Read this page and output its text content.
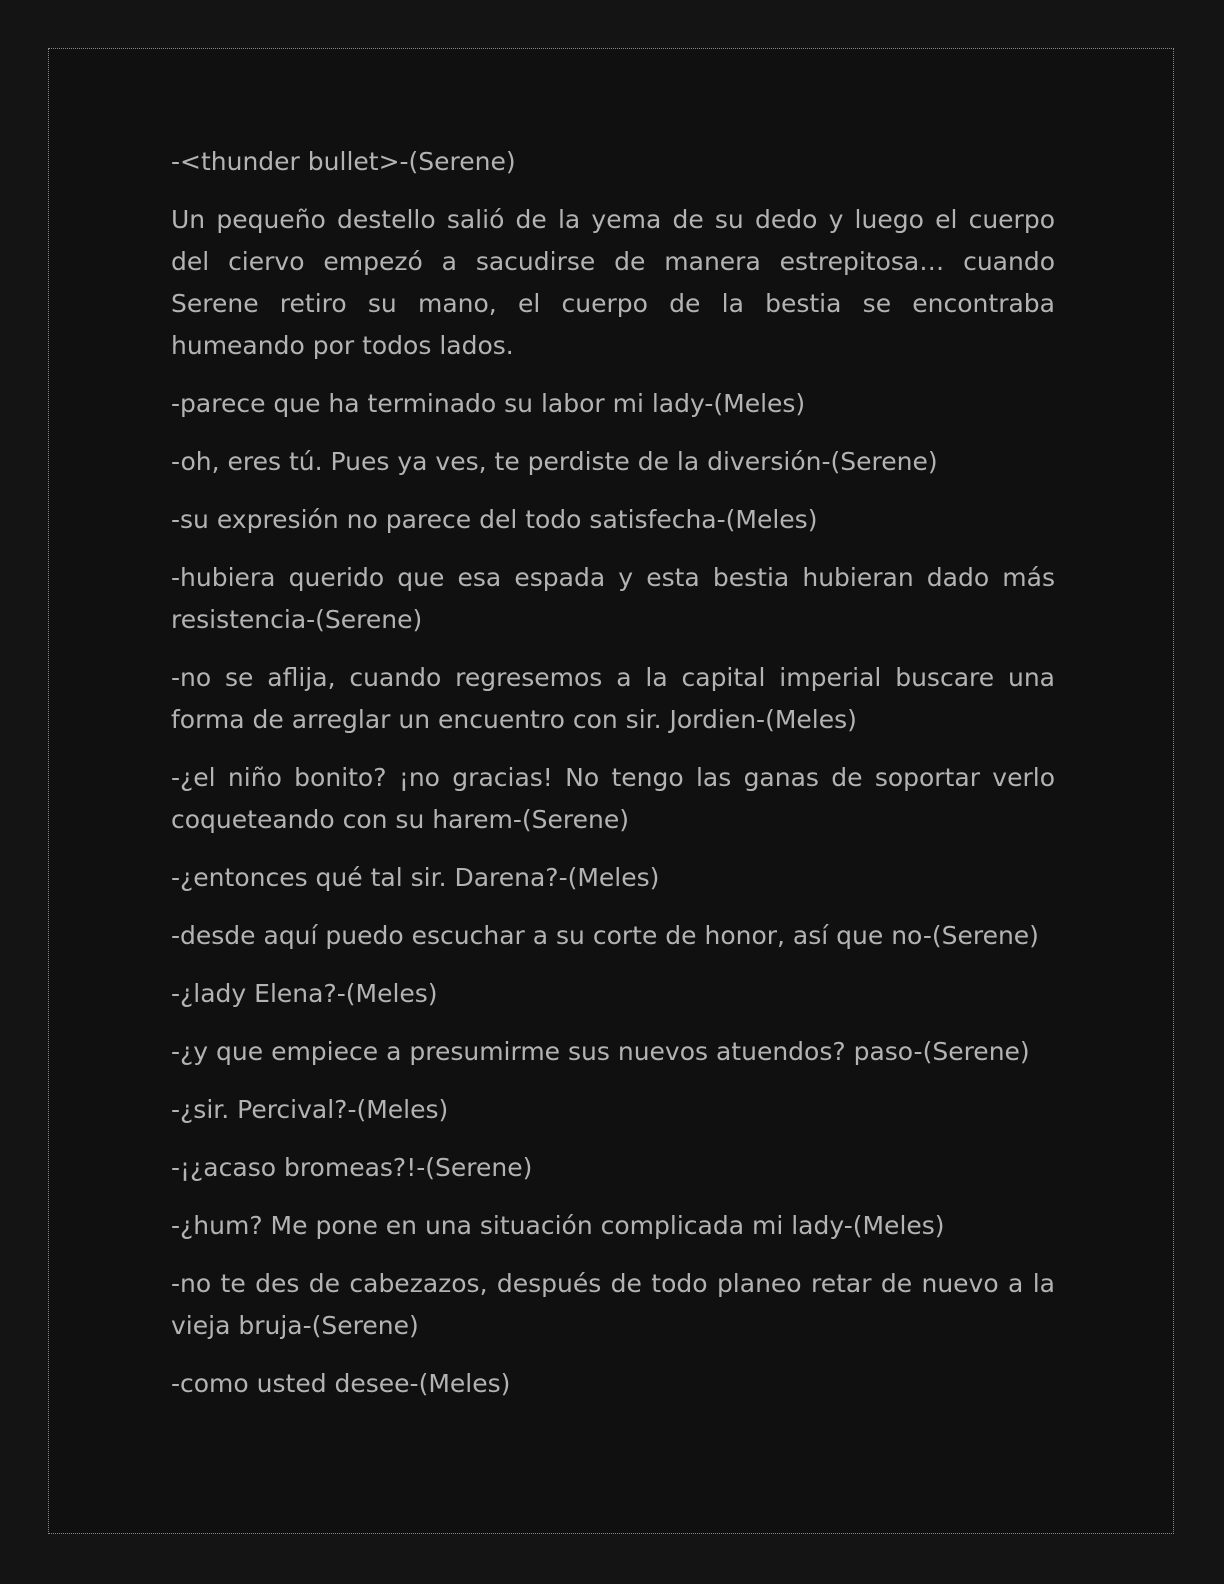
-<thunder bullet>-(Serene)

Un pequeño destello salió de la yema de su dedo y luego el cuerpo del ciervo empezó a sacudirse de manera estrepitosa… cuando Serene retiro su mano, el cuerpo de la bestia se encontraba humeando por todos lados.

-parece que ha terminado su labor mi lady-(Meles)

-oh, eres tú. Pues ya ves, te perdiste de la diversión-(Serene)

-su expresión no parece del todo satisfecha-(Meles)

-hubiera querido que esa espada y esta bestia hubieran dado más resistencia-(Serene)

-no se aflija, cuando regresemos a la capital imperial buscare una forma de arreglar un encuentro con sir. Jordien-(Meles)

-¿el niño bonito? ¡no gracias! No tengo las ganas de soportar verlo coqueteando con su harem-(Serene)

-¿entonces qué tal sir. Darena?-(Meles)

-desde aquí puedo escuchar a su corte de honor, así que no-(Serene)

-¿lady Elena?-(Meles)

-¿y que empiece a presumirme sus nuevos atuendos? paso-(Serene)

-¿sir. Percival?-(Meles)

-¡¿acaso bromeas?!-(Serene)

-¿hum? Me pone en una situación complicada mi lady-(Meles)

-no te des de cabezazos, después de todo planeo retar de nuevo a la vieja bruja-(Serene)

-como usted desee-(Meles)
